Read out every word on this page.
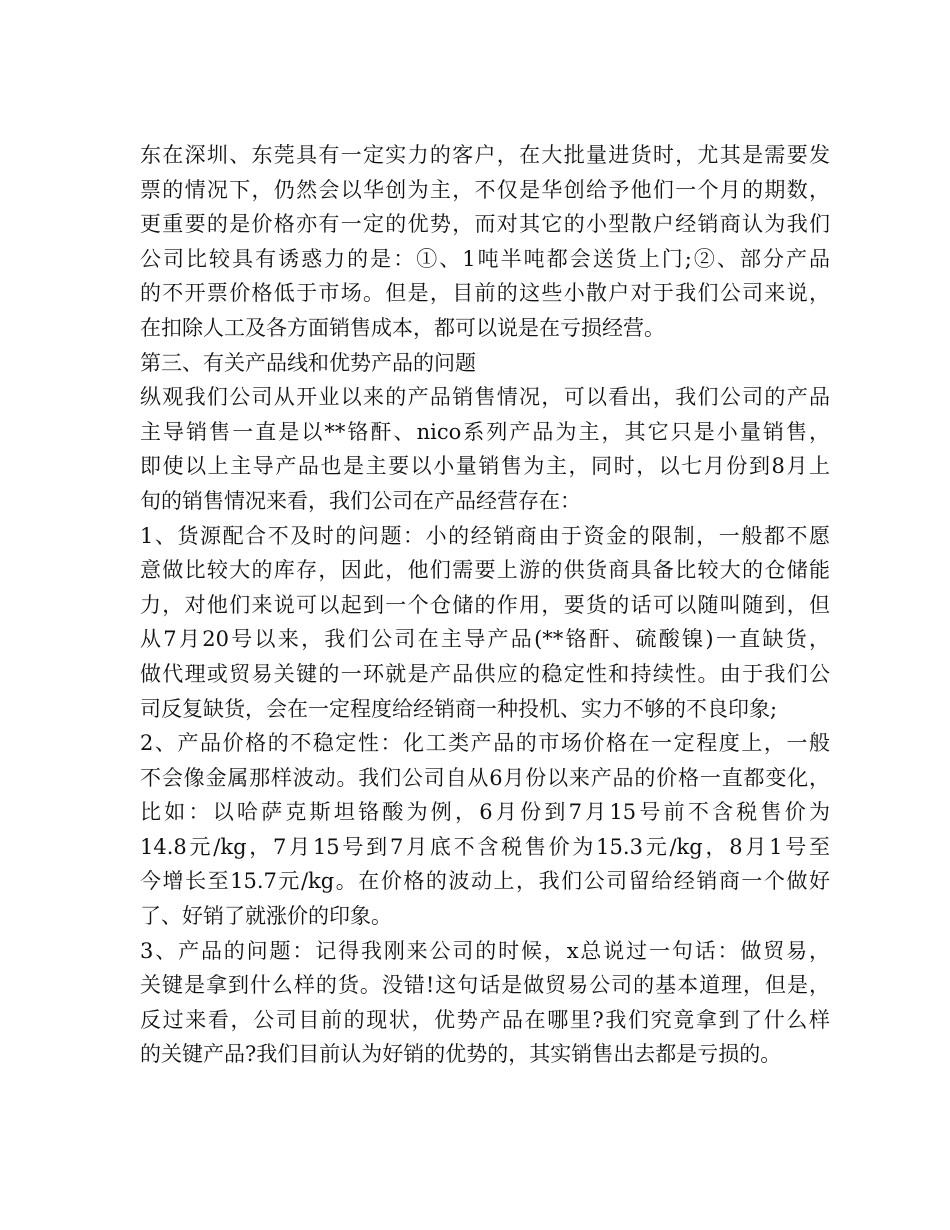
东在深圳、东莞具有一定实力的客户，在大批量进货时，尤其是需要发
票的情况下，仍然会以华创为主，不仅是华创给予他们一个月的期数，
更重要的是价格亦有一定的优势，而对其它的小型散户经销商认为我们
公司比较具有诱惑力的是：①、1吨半吨都会送货上门;②、部分产品
的不开票价格低于市场。但是，目前的这些小散户对于我们公司来说，
在扣除人工及各方面销售成本，都可以说是在亏损经营。
第三、有关产品线和优势产品的问题
纵观我们公司从开业以来的产品销售情况，可以看出，我们公司的产品
主导销售一直是以**铬酐、nico系列产品为主，其它只是小量销售，
即使以上主导产品也是主要以小量销售为主，同时，以七月份到8月上
旬的销售情况来看，我们公司在产品经营存在：
1、货源配合不及时的问题：小的经销商由于资金的限制，一般都不愿
意做比较大的库存，因此，他们需要上游的供货商具备比较大的仓储能
力，对他们来说可以起到一个仓储的作用，要货的话可以随叫随到，但
从7月20号以来，我们公司在主导产品(**铬酐、硫酸镍)一直缺货，
做代理或贸易关键的一环就是产品供应的稳定性和持续性。由于我们公
司反复缺货，会在一定程度给经销商一种投机、实力不够的不良印象;
2、产品价格的不稳定性：化工类产品的市场价格在一定程度上，一般
不会像金属那样波动。我们公司自从6月份以来产品的价格一直都变化，
比如：以哈萨克斯坦铬酸为例，6月份到7月15号前不含税售价为
14.8元/kg，7月15号到7月底不含税售价为15.3元/kg，8月1号至
今增长至15.7元/kg。在价格的波动上，我们公司留给经销商一个做好
了、好销了就涨价的印象。
3、产品的问题：记得我刚来公司的时候，x总说过一句话：做贸易，
关键是拿到什么样的货。没错!这句话是做贸易公司的基本道理，但是，
反过来看，公司目前的现状，优势产品在哪里?我们究竟拿到了什么样
的关键产品?我们目前认为好销的优势的，其实销售出去都是亏损的。
